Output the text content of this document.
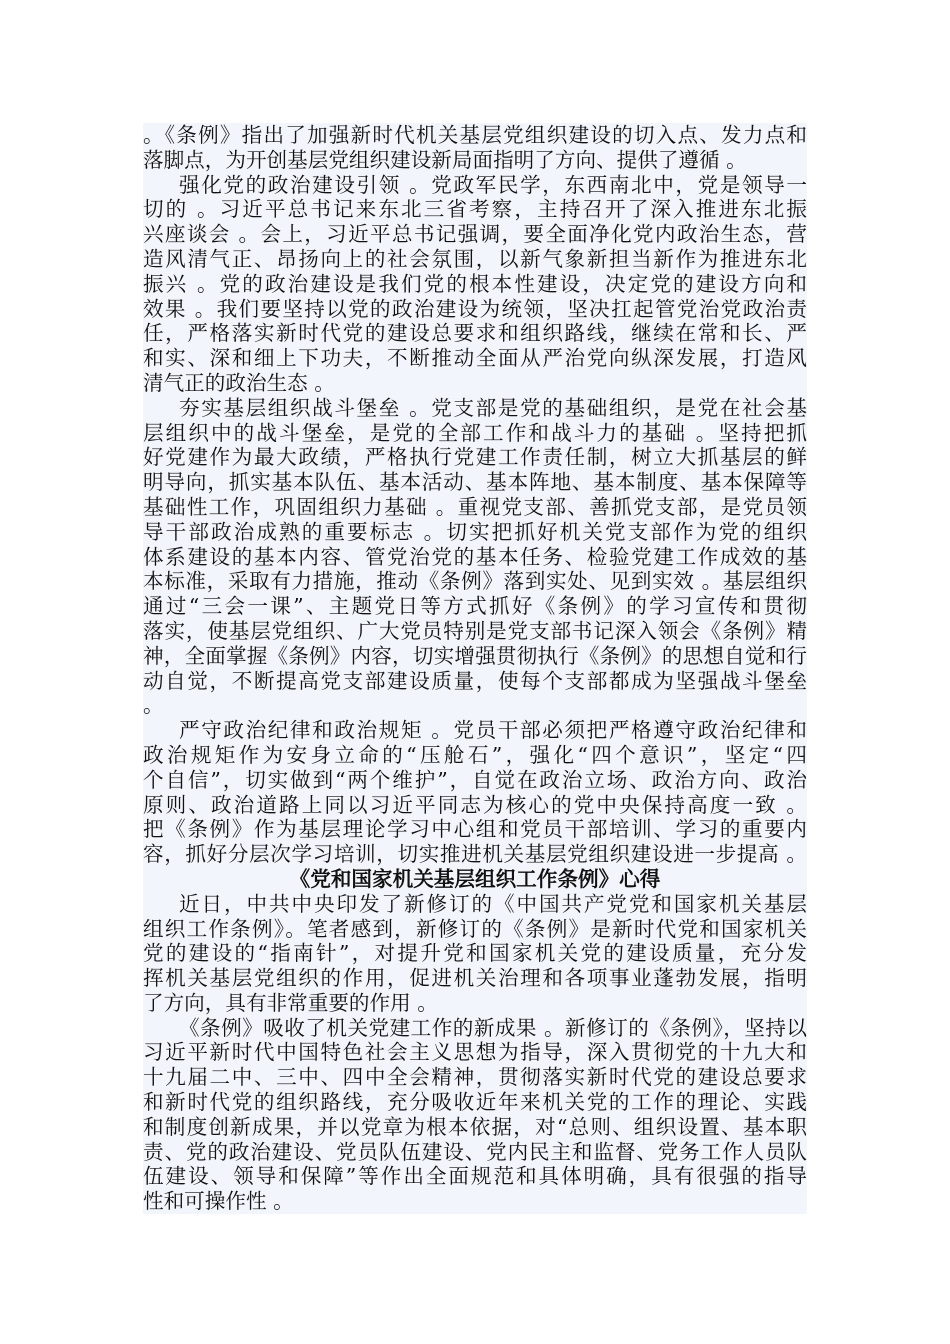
。《条例》指出了加强新时代机关基层党组织建设的切入点、发力点和
落脚点，为开创基层党组织建设新局面指明了方向、提供了遵循 。
强化党的政治建设引领 。党政军民学，东西南北中，党是领导一
切的 。习近平总书记来东北三省考察，主持召开了深入推进东北振
兴座谈会 。会上，习近平总书记强调，要全面净化党内政治生态，营
造风清气正、昂扬向上的社会氛围，以新气象新担当新作为推进东北
振兴 。党的政治建设是我们党的根本性建设，决定党的建设方向和
效果 。我们要坚持以党的政治建设为统领，坚决扛起管党治党政治责
任，严格落实新时代党的建设总要求和组织路线，继续在常和长、严
和实、深和细上下功夫，不断推动全面从严治党向纵深发展，打造风
清气正的政治生态 。
夯实基层组织战斗堡垒 。党支部是党的基础组织，是党在社会基
层组织中的战斗堡垒，是党的全部工作和战斗力的基础 。坚持把抓
好党建作为最大政绩，严格执行党建工作责任制，树立大抓基层的鲜
明导向，抓实基本队伍、基本活动、基本阵地、基本制度、基本保障等
基础性工作，巩固组织力基础 。重视党支部、善抓党支部，是党员领
导干部政治成熟的重要标志 。切实把抓好机关党支部作为党的组织
体系建设的基本内容、管党治党的基本任务、检验党建工作成效的基
本标准，采取有力措施，推动《条例》落到实处、见到实效 。基层组织
通过“三会一课”、主题党日等方式抓好《条例》的学习宣传和贯彻
落实，使基层党组织、广大党员特别是党支部书记深入领会《条例》精
神，全面掌握《条例》内容，切实增强贯彻执行《条例》的思想自觉和行
动自觉，不断提高党支部建设质量，使每个支部都成为坚强战斗堡垒
。
严守政治纪律和政治规矩 。党员干部必须把严格遵守政治纪律和
政治规矩作为安身立命的“压舱石”，强化“四个意识”，坚定“四
个自信”，切实做到“两个维护”，自觉在政治立场、政治方向、政治
原则、政治道路上同以习近平同志为核心的党中央保持高度一致 。
把《条例》作为基层理论学习中心组和党员干部培训、学习的重要内
容，抓好分层次学习培训，切实推进机关基层党组织建设进一步提高 。
《党和国家机关基层组织工作条例》心得
近日，中共中央印发了新修订的《中国共产党党和国家机关基层
组织工作条例》。笔者感到，新修订的《条例》是新时代党和国家机关
党的建设的“指南针”，对提升党和国家机关党的建设质量，充分发
挥机关基层党组织的作用，促进机关治理和各项事业蓬勃发展，指明
了方向，具有非常重要的作用 。
《条例》吸收了机关党建工作的新成果 。新修订的《条例》，坚持以
习近平新时代中国特色社会主义思想为指导，深入贯彻党的十九大和
十九届二中、三中、四中全会精神，贯彻落实新时代党的建设总要求
和新时代党的组织路线，充分吸收近年来机关党的工作的理论、实践
和制度创新成果，并以党章为根本依据，对“总则、组织设置、基本职
责、党的政治建设、党员队伍建设、党内民主和监督、党务工作人员队
伍建设、领导和保障”等作出全面规范和具体明确，具有很强的指导
性和可操作性 。
